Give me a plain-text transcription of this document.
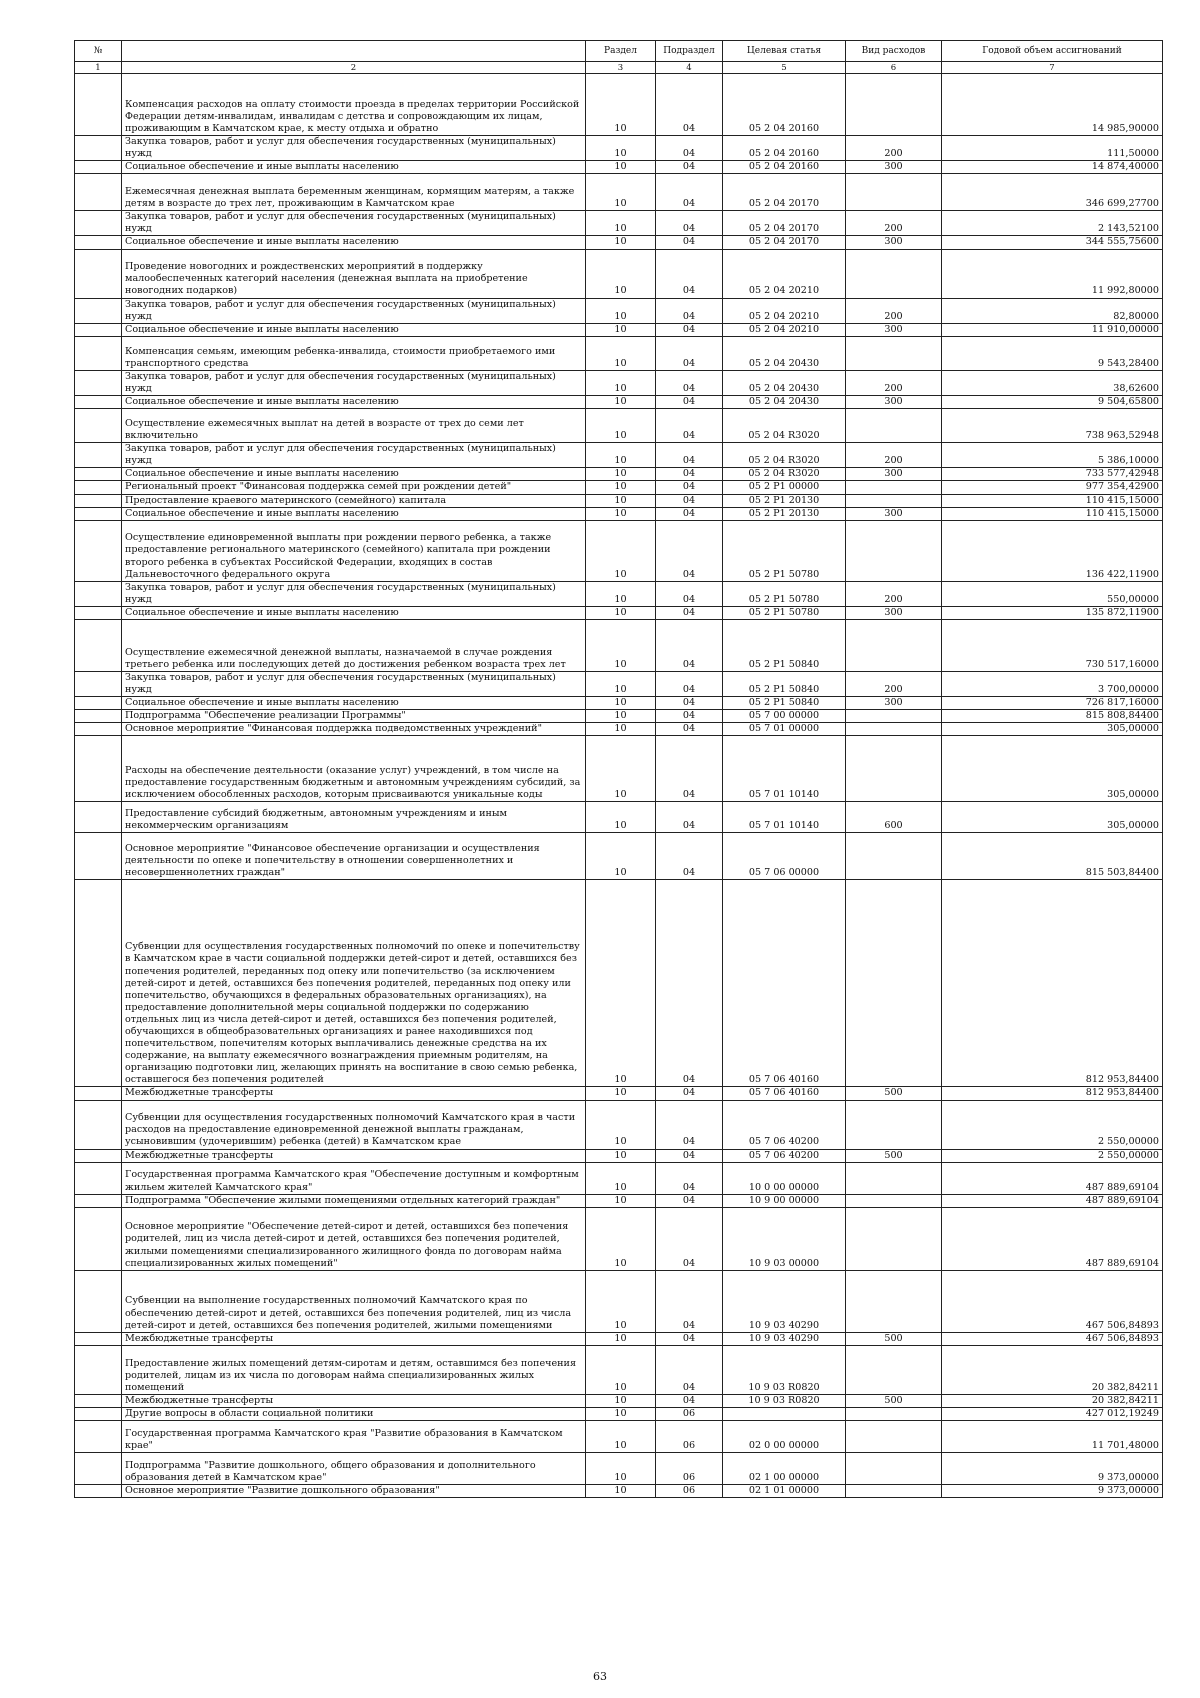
№		Раздел	Подраздел	Целевая статья	Вид расходов	Годовой объем ассигнований
1	2	3	4	5	6	7
	Компенсация расходов на оплату стоимости проезда в пределах территории Российской Федерации детям-инвалидам, инвалидам с детства и сопровождающим их лицам, проживающим в Камчатском крае, к месту отдыха и обратно	10	04	05 2 04 20160		14 985,90000
	Закупка товаров, работ и услуг для обеспечения государственных (муниципальных) нужд	10	04	05 2 04 20160	200	111,50000
	Социальное обеспечение и иные выплаты населению	10	04	05 2 04 20160	300	14 874,40000
	Ежемесячная денежная выплата беременным женщинам, кормящим матерям, а также детям в возрасте до трех лет, проживающим в Камчатском крае	10	04	05 2 04 20170		346 699,27700
	Закупка товаров, работ и услуг для обеспечения государственных (муниципальных) нужд	10	04	05 2 04 20170	200	2 143,52100
	Социальное обеспечение и иные выплаты населению	10	04	05 2 04 20170	300	344 555,75600
	Проведение новогодних и рождественских мероприятий в поддержку малообеспеченных категорий населения (денежная выплата на приобретение новогодних подарков)	10	04	05 2 04 20210		11 992,80000
	Закупка товаров, работ и услуг для обеспечения государственных (муниципальных) нужд	10	04	05 2 04 20210	200	82,80000
	Социальное обеспечение и иные выплаты населению	10	04	05 2 04 20210	300	11 910,00000
	Компенсация семьям, имеющим ребенка-инвалида, стоимости приобретаемого ими транспортного средства	10	04	05 2 04 20430		9 543,28400
	Закупка товаров, работ и услуг для обеспечения государственных (муниципальных) нужд	10	04	05 2 04 20430	200	38,62600
	Социальное обеспечение и иные выплаты населению	10	04	05 2 04 20430	300	9 504,65800
	Осуществление ежемесячных выплат на детей в возрасте от трех до семи лет включительно	10	04	05 2 04 R3020		738 963,52948
	Закупка товаров, работ и услуг для обеспечения государственных (муниципальных) нужд	10	04	05 2 04 R3020	200	5 386,10000
	Социальное обеспечение и иные выплаты населению	10	04	05 2 04 R3020	300	733 577,42948
	Региональный проект "Финансовая поддержка семей при рождении детей"	10	04	05 2 P1 00000		977 354,42900
	Предоставление краевого материнского (семейного) капитала	10	04	05 2 P1 20130		110 415,15000
	Социальное обеспечение и иные выплаты населению	10	04	05 2 P1 20130	300	110 415,15000
	Осуществление единовременной выплаты при рождении первого ребенка, а также предоставление регионального материнского (семейного) капитала при рождении второго ребенка в субъектах Российской Федерации, входящих в состав Дальневосточного федерального округа	10	04	05 2 P1 50780		136 422,11900
	Закупка товаров, работ и услуг для обеспечения государственных (муниципальных) нужд	10	04	05 2 P1 50780	200	550,00000
	Социальное обеспечение и иные выплаты населению	10	04	05 2 P1 50780	300	135 872,11900
	Осуществление ежемесячной денежной выплаты, назначаемой в случае рождения третьего ребенка или последующих детей до достижения ребенком возраста трех лет	10	04	05 2 P1 50840		730 517,16000
	Закупка товаров, работ и услуг для обеспечения государственных (муниципальных) нужд	10	04	05 2 P1 50840	200	3 700,00000
	Социальное обеспечение и иные выплаты населению	10	04	05 2 P1 50840	300	726 817,16000
	Подпрограмма "Обеспечение реализации Программы"	10	04	05 7 00 00000		815 808,84400
	Основное мероприятие "Финансовая поддержка подведомственных учреждений"	10	04	05 7 01 00000		305,00000
	Расходы на обеспечение деятельности (оказание услуг) учреждений, в том числе на предоставление государственным бюджетным и автономным учреждениям субсидий, за исключением обособленных расходов, которым присваиваются уникальные коды	10	04	05 7 01 10140		305,00000
	Предоставление субсидий бюджетным, автономным учреждениям и иным некоммерческим организациям	10	04	05 7 01 10140	600	305,00000
	Основное мероприятие "Финансовое обеспечение организации и осуществления деятельности по опеке и попечительству в отношении совершеннолетних и несовершеннолетних граждан"	10	04	05 7 06 00000		815 503,84400
	Субвенции для осуществления государственных полномочий по опеке и попечительству в Камчатском крае в части социальной поддержки детей-сирот и детей, оставшихся без попечения родителей, переданных под опеку или попечительство (за исключением детей-сирот и детей, оставшихся без попечения родителей, переданных под опеку или попечительство, обучающихся в федеральных образовательных организациях), на предоставление дополнительной меры социальной поддержки по содержанию отдельных лиц из числа детей-сирот и детей, оставшихся без попечения родителей, обучающихся в общеобразовательных организациях и ранее находившихся под попечительством, попечителям которых выплачивались денежные средства на их содержание, на выплату ежемесячного вознаграждения приемным родителям, на организацию подготовки лиц, желающих принять на воспитание в свою семью ребенка, оставшегося без попечения родителей	10	04	05 7 06 40160		812 953,84400
	Межбюджетные трансферты	10	04	05 7 06 40160	500	812 953,84400
	Субвенции для осуществления государственных полномочий Камчатского края в части расходов на предоставление единовременной денежной выплаты гражданам, усыновившим (удочерившим) ребенка (детей) в Камчатском крае	10	04	05 7 06 40200		2 550,00000
	Межбюджетные трансферты	10	04	05 7 06 40200	500	2 550,00000
	Государственная программа Камчатского края "Обеспечение доступным и комфортным жильем жителей Камчатского края"	10	04	10 0 00 00000		487 889,69104
	Подпрограмма "Обеспечение жилыми помещениями отдельных категорий граждан"	10	04	10 9 00 00000		487 889,69104
	Основное мероприятие "Обеспечение детей-сирот и детей, оставшихся без попечения родителей, лиц из числа детей-сирот и детей, оставшихся без попечения родителей, жилыми помещениями специализированного жилищного фонда по договорам найма специализированных жилых помещений"	10	04	10 9 03 00000		487 889,69104
	Субвенции на выполнение государственных полномочий Камчатского края по обеспечению детей-сирот и детей, оставшихся без попечения родителей, лиц из числа детей-сирот и детей, оставшихся без попечения родителей, жилыми помещениями	10	04	10 9 03 40290		467 506,84893
	Межбюджетные трансферты	10	04	10 9 03 40290	500	467 506,84893
	Предоставление жилых помещений детям-сиротам и детям, оставшимся без попечения родителей, лицам из их числа по договорам найма специализированных жилых помещений	10	04	10 9 03 R0820		20 382,84211
	Межбюджетные трансферты	10	04	10 9 03 R0820	500	20 382,84211
	Другие вопросы в области социальной политики	10	06			427 012,19249
	Государственная программа Камчатского края "Развитие образования в Камчатском крае"	10	06	02 0 00 00000		11 701,48000
	Подпрограмма "Развитие дошкольного, общего образования и дополнительного образования детей в Камчатском крае"	10	06	02 1 00 00000		9 373,00000
	Основное мероприятие "Развитие дошкольного образования"	10	06	02 1 01 00000		9 373,00000
63
